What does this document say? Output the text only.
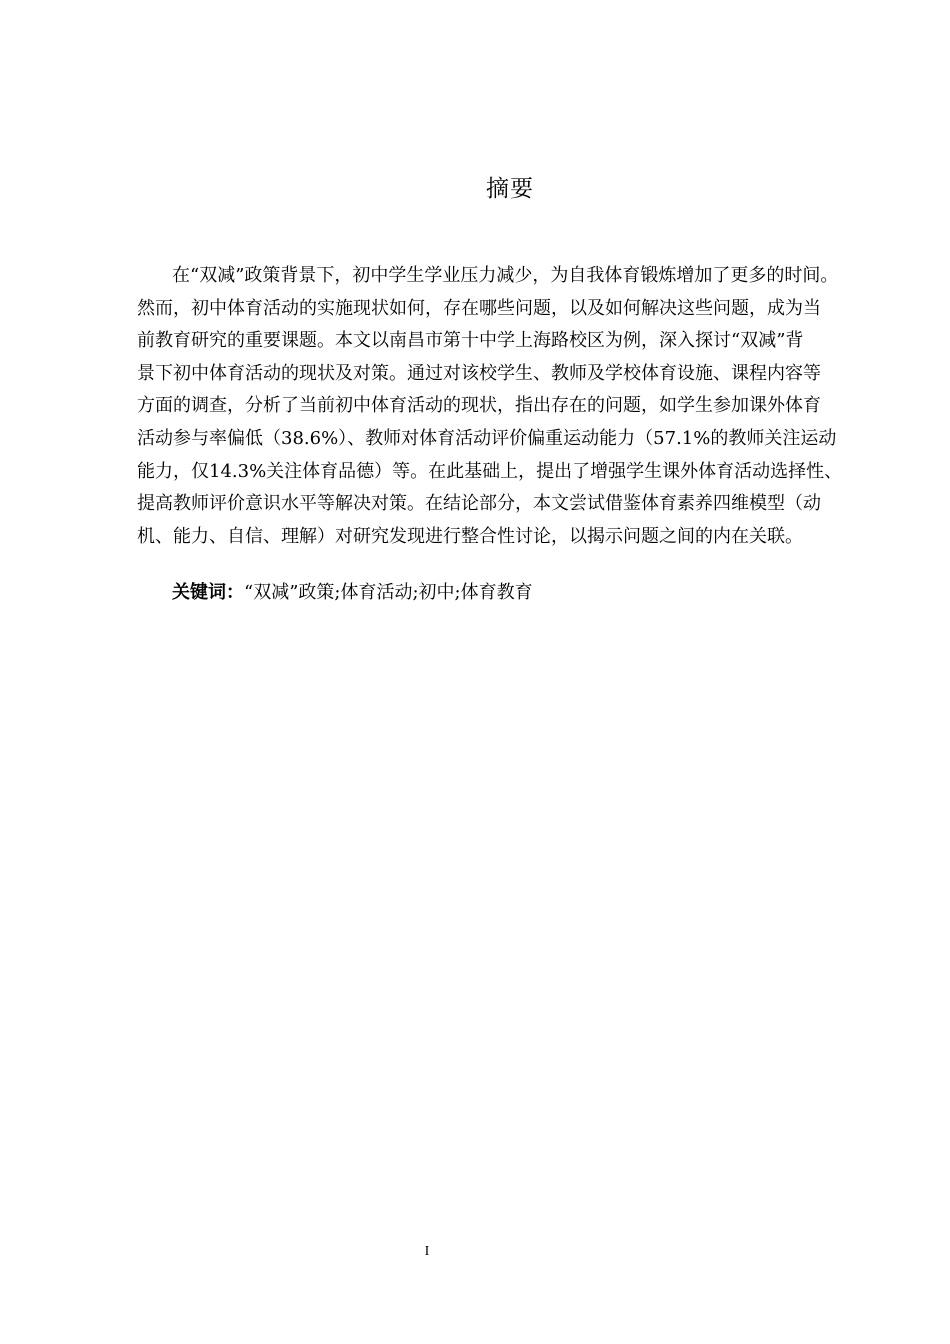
摘要
在“双减”政策背景下，初中学生学业压力减少，为自我体育锻炼增加了更多的时间。
然而，初中体育活动的实施现状如何，存在哪些问题，以及如何解决这些问题，成为当
前教育研究的重要课题。本文以南昌市第十中学上海路校区为例，深入探讨“双减”背
景下初中体育活动的现状及对策。通过对该校学生、教师及学校体育设施、课程内容等
方面的调查，分析了当前初中体育活动的现状，指出存在的问题，如学生参加课外体育
活动参与率偏低（38.6%）、教师对体育活动评价偏重运动能力（57.1%的教师关注运动
能力，仅14.3%关注体育品德）等。在此基础上，提出了增强学生课外体育活动选择性、
提高教师评价意识水平等解决对策。在结论部分，本文尝试借鉴体育素养四维模型（动
机、能力、自信、理解）对研究发现进行整合性讨论，以揭示问题之间的内在关联。
关键词：“双减”政策;体育活动;初中;体育教育
I
